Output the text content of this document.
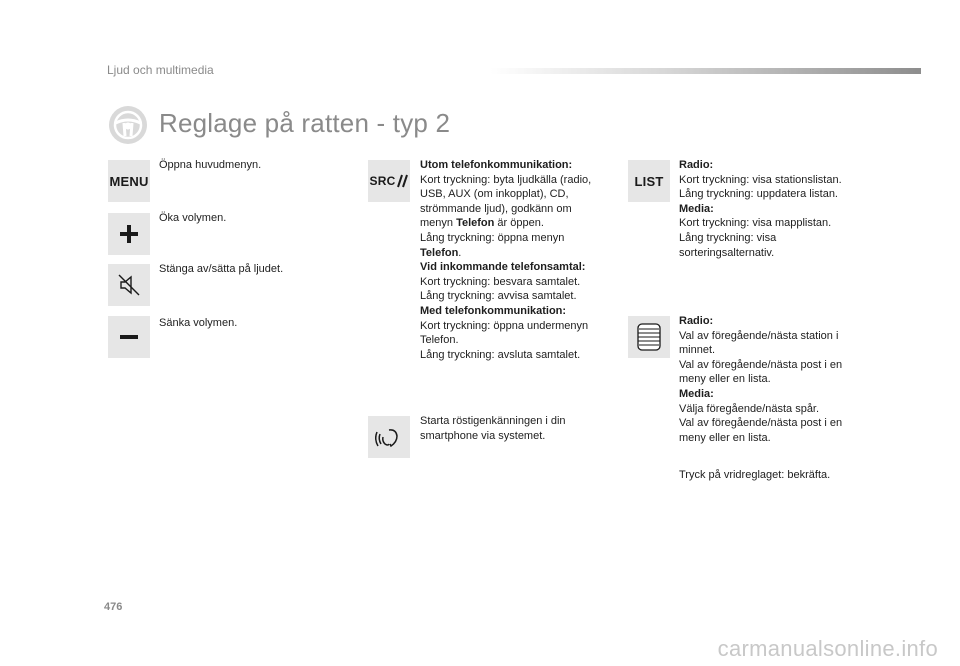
Ljud och multimedia
Reglage på ratten - typ 2
MENU
Öppna huvudmenyn.
Öka volymen.
Stänga av/sätta på ljudet.
Sänka volymen.
SRC
Utom telefonkommunikation:
Kort tryckning: byta ljudkälla (radio,
USB, AUX (om inkopplat), CD,
strömmande ljud), godkänn om
menyn Telefon är öppen.
Lång tryckning: öppna menyn
Telefon.
Vid inkommande telefonsamtal:
Kort tryckning: besvara samtalet.
Lång tryckning: avvisa samtalet.
Med telefonkommunikation:
Kort tryckning: öppna undermenyn
Telefon.
Lång tryckning: avsluta samtalet.
Starta röstigenkänningen i din
smartphone via systemet.
LIST
Radio:
Kort tryckning: visa stationslistan.
Lång tryckning: uppdatera listan.
Media:
Kort tryckning: visa mapplistan.
Lång tryckning: visa
sorteringsalternativ.
Radio:
Val av föregående/nästa station i
minnet.
Val av föregående/nästa post i en
meny eller en lista.
Media:
Välja föregående/nästa spår.
Val av föregående/nästa post i en
meny eller en lista.
Tryck på vridreglaget: bekräfta.
476
carmanualsonline.info
